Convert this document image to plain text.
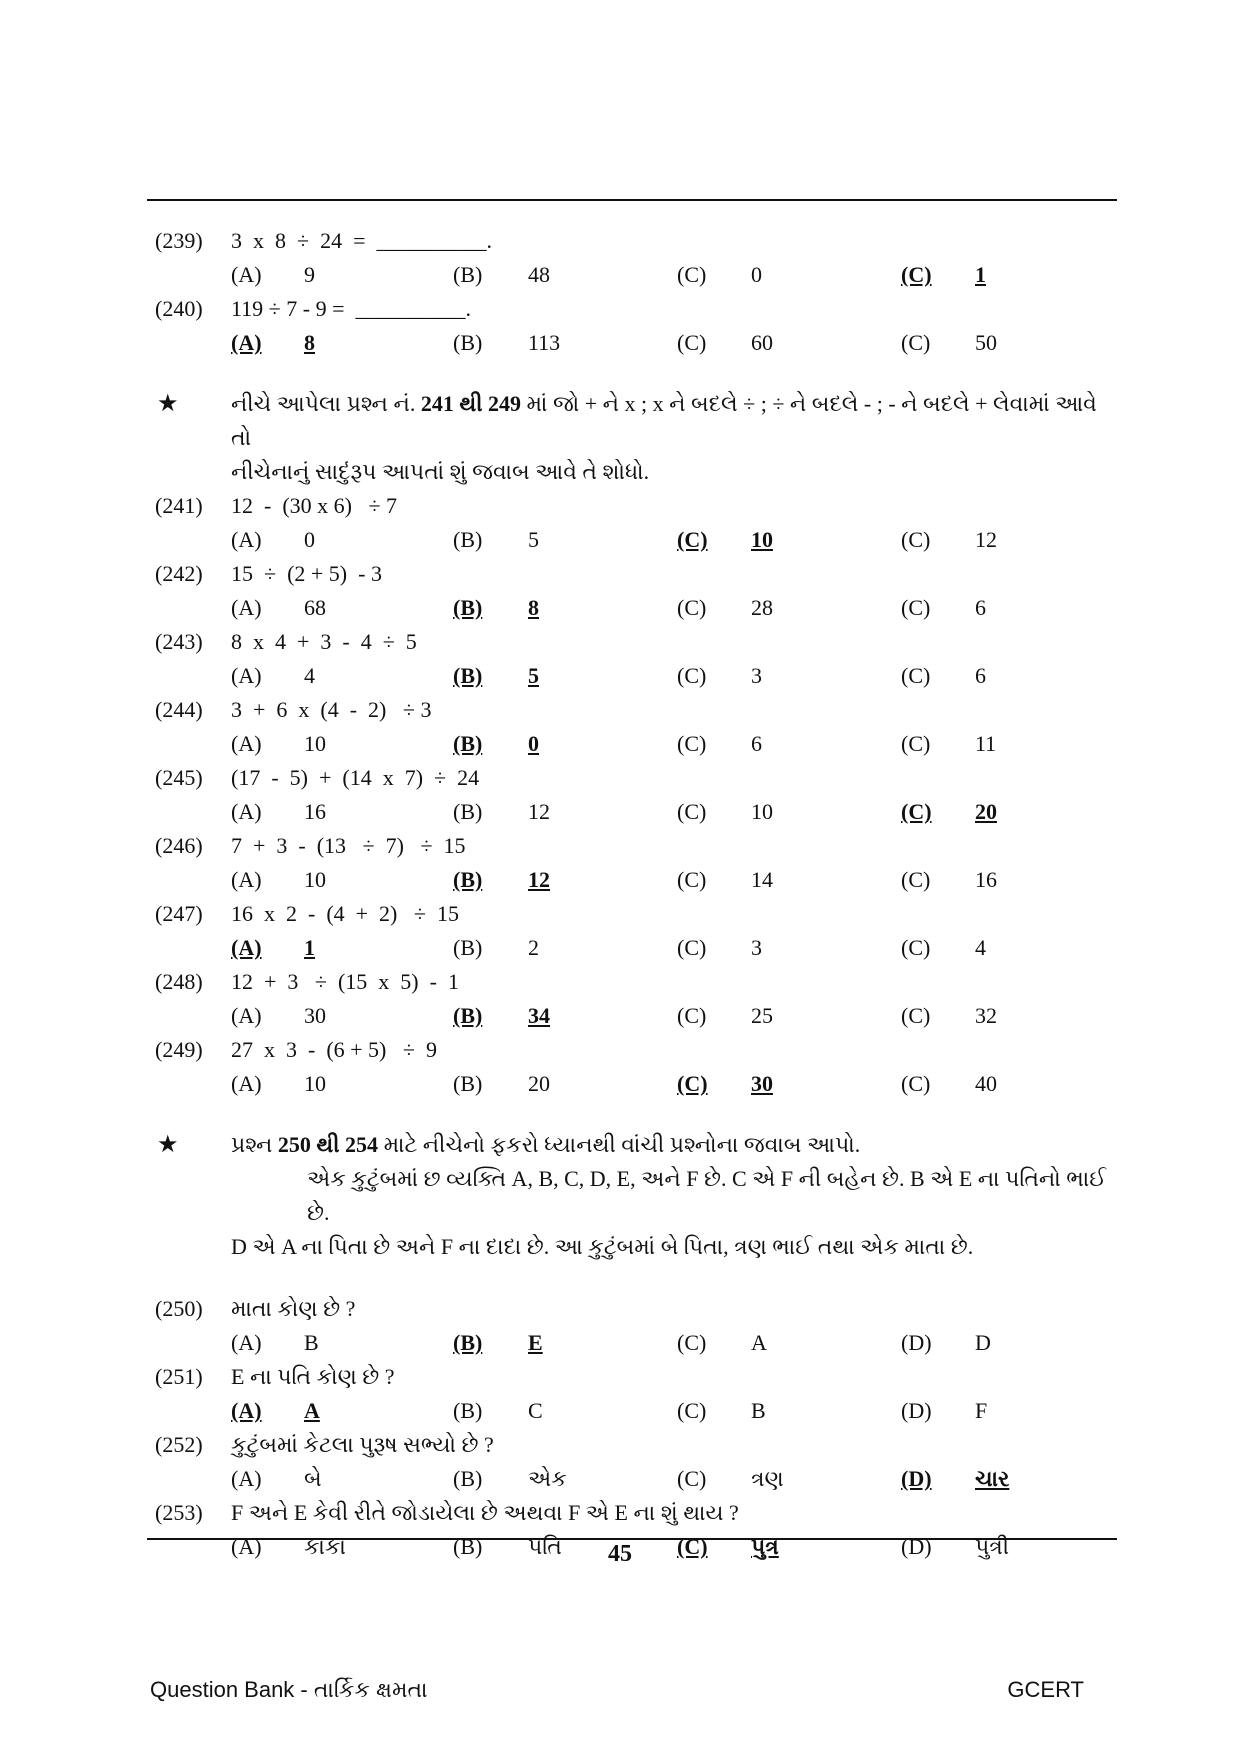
(239) 3  x  8  ÷  24  =  __________.
(A) 9	(B) 48	(C) 0	(C) 1
(240) 119 ÷ 7 - 9 =  __________.
(A) 8	(B) 113	(C) 60	(C) 50
★ નીચે આપેલા પ્રશ્ન નં. 241 થી 249 માં જો + ને x ; x ને બદલે ÷ ; ÷ ને બદલે - ; - ને બદલે + લેવામાં આવે તો
નીચેનાનું સાદુંરૂપ આપતાં શું જવાબ આવે તે શોધો.
(241) 12  -  (30 x 6)   ÷ 7
(A) 0	(B) 5	(C) 10	(C) 12
(242) 15  ÷  (2 + 5)  - 3
(A) 68	(B) 8	(C) 28	(C) 6
(243) 8  x  4  +  3  -  4  ÷  5
(A) 4	(B) 5	(C) 3	(C) 6
(244) 3  +  6  x  (4  -  2)   ÷ 3
(A) 10	(B) 0	(C) 6	(C) 11
(245) (17  -  5)  +  (14  x  7)  ÷  24
(A) 16	(B) 12	(C) 10	(C) 20
(246) 7  +  3  -  (13   ÷  7)   ÷  15
(A) 10	(B) 12	(C) 14	(C) 16
(247) 16  x  2  -  (4  +  2)   ÷  15
(A) 1	(B) 2	(C) 3	(C) 4
(248) 12  +  3   ÷  (15  x  5)  -  1
(A) 30	(B) 34	(C) 25	(C) 32
(249) 27  x  3  -  (6 + 5)   ÷  9
(A) 10	(B) 20	(C) 30	(C) 40
★ પ્રશ્ન 250 થી 254 માટે નીચેનો ફકરો ધ્યાનથી વાંચી પ્રશ્નોના જવાબ આપો.
એક કુટુંબમાં છ વ્યક્તિ A, B, C, D, E, અને F છે. C એ F ની બહેન છે. B એ E ના પતિનો ભાઈ છે.
D એ A ના પિતા છે અને F ના દાદા છે. આ કુટુંબમાં બે પિતા, ત્રણ ભાઈ તથા એક માતા છે.
(250) માતા કોણ છે ?
(A) B	(B) E	(C) A	(D) D
(251) E ના પતિ કોણ છે ?
(A) A	(B) C	(C) B	(D) F
(252) કુટુંબમાં કેટલા પુરૂષ સભ્યો છે ?
(A) બે	(B) એક	(C) ત્રણ	(D) ચાર
(253) F અને E કેવી રીતે જોડાયેલા છે અથવા F એ E ના શું થાય ?
(A) કાકા	(B) પતિ	(C) પુત્ર	(D) પુત્રી
45
Question Bank - તાર્કિક ક્ષમતા	GCERT
